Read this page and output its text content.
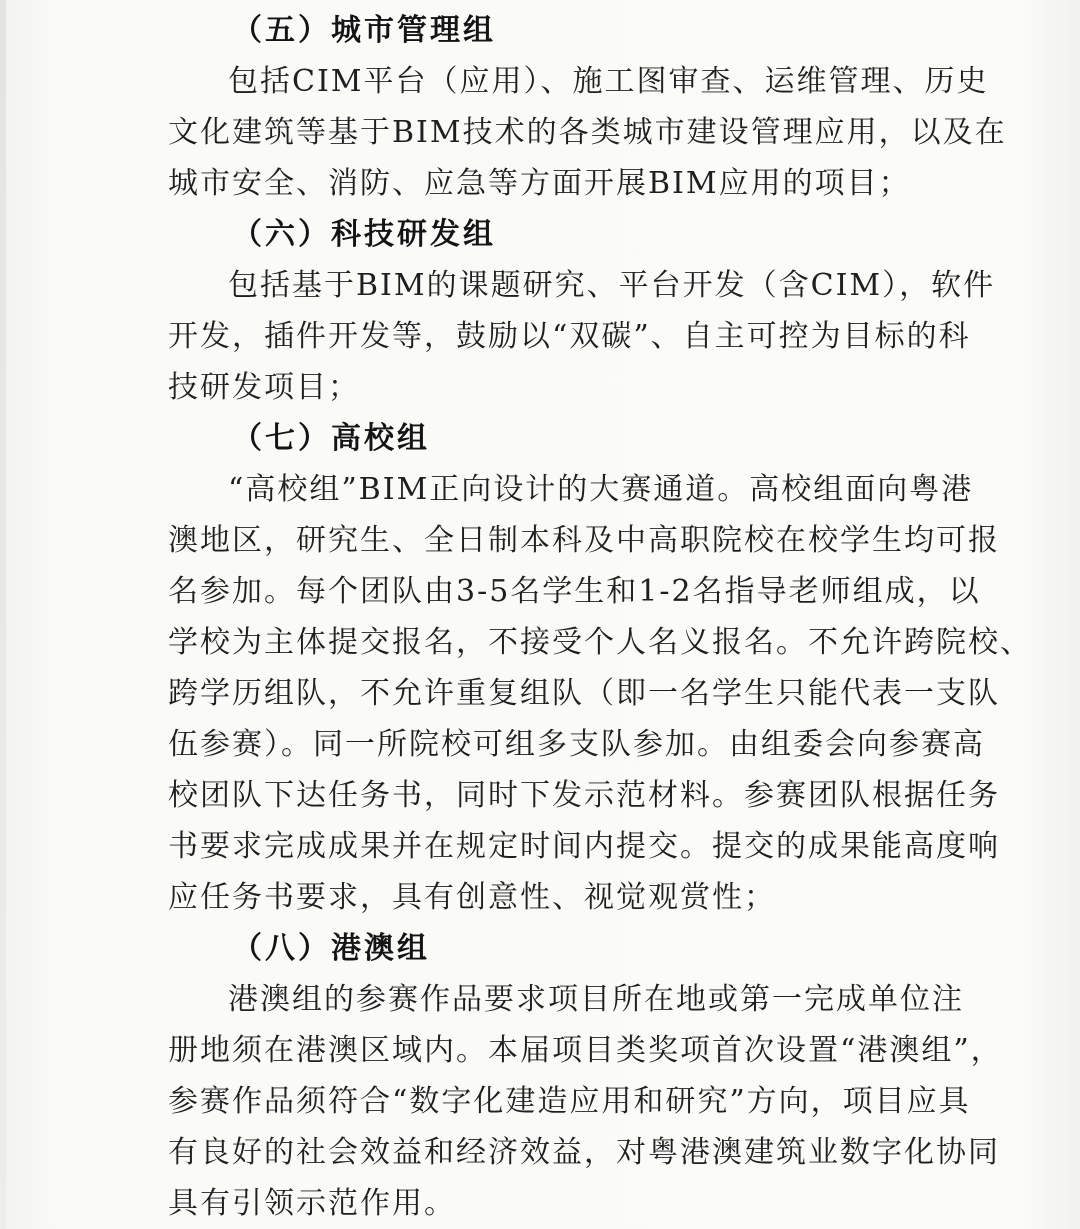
（五）城市管理组
包括CIM平台（应用）、施工图审查、运维管理、历史
文化建筑等基于BIM技术的各类城市建设管理应用，以及在
城市安全、消防、应急等方面开展BIM应用的项目；
（六）科技研发组
包括基于BIM的课题研究、平台开发（含CIM），软件
开发，插件开发等，鼓励以“双碳”、自主可控为目标的科
技研发项目；
（七）高校组
“高校组”BIM正向设计的大赛通道。高校组面向粤港
澳地区，研究生、全日制本科及中高职院校在校学生均可报
名参加。每个团队由3-5名学生和1-2名指导老师组成，以
学校为主体提交报名，不接受个人名义报名。不允许跨院校、
跨学历组队，不允许重复组队（即一名学生只能代表一支队
伍参赛）。同一所院校可组多支队参加。由组委会向参赛高
校团队下达任务书，同时下发示范材料。参赛团队根据任务
书要求完成成果并在规定时间内提交。提交的成果能高度响
应任务书要求，具有创意性、视觉观赏性；
（八）港澳组
港澳组的参赛作品要求项目所在地或第一完成单位注
册地须在港澳区域内。本届项目类奖项首次设置“港澳组”，
参赛作品须符合“数字化建造应用和研究”方向，项目应具
有良好的社会效益和经济效益，对粤港澳建筑业数字化协同
具有引领示范作用。
